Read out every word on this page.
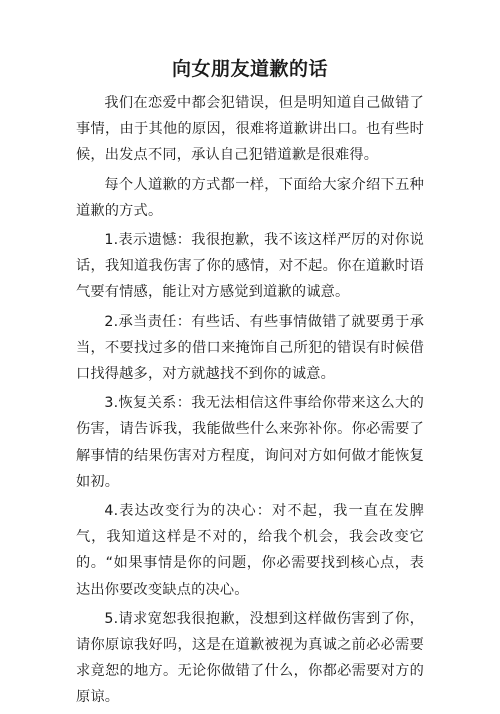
向女朋友道歉的话

我们在恋爱中都会犯错误，但是明知道自己做错了事情，由于其他的原因，很难将道歉讲出口。也有些时候，出发点不同，承认自己犯错道歉是很难得。

每个人道歉的方式都一样，下面给大家介绍下五种道歉的方式。

1.表示遗憾：我很抱歉，我不该这样严厉的对你说话，我知道我伤害了你的感情，对不起。你在道歉时语气要有情感，能让对方感觉到道歉的诚意。

2.承当责任：有些话、有些事情做错了就要勇于承当，不要找过多的借口来掩饰自己所犯的错误有时候借口找得越多，对方就越找不到你的诚意。

3.恢复关系：我无法相信这件事给你带来这么大的伤害，请告诉我，我能做些什么来弥补你。你必需要了解事情的结果伤害对方程度，询问对方如何做才能恢复如初。

4.表达改变行为的决心：对不起，我一直在发脾气，我知道这样是不对的，给我个机会，我会改变它的。“如果事情是你的问题，你必需要找到核心点，表达出你要改变缺点的决心。

5.请求宽恕我很抱歉，没想到这样做伤害到了你，请你原谅我好吗，这是在道歉被视为真诚之前必必需要求竟恕的地方。无论你做错了什么，你都必需要对方的原谅。
